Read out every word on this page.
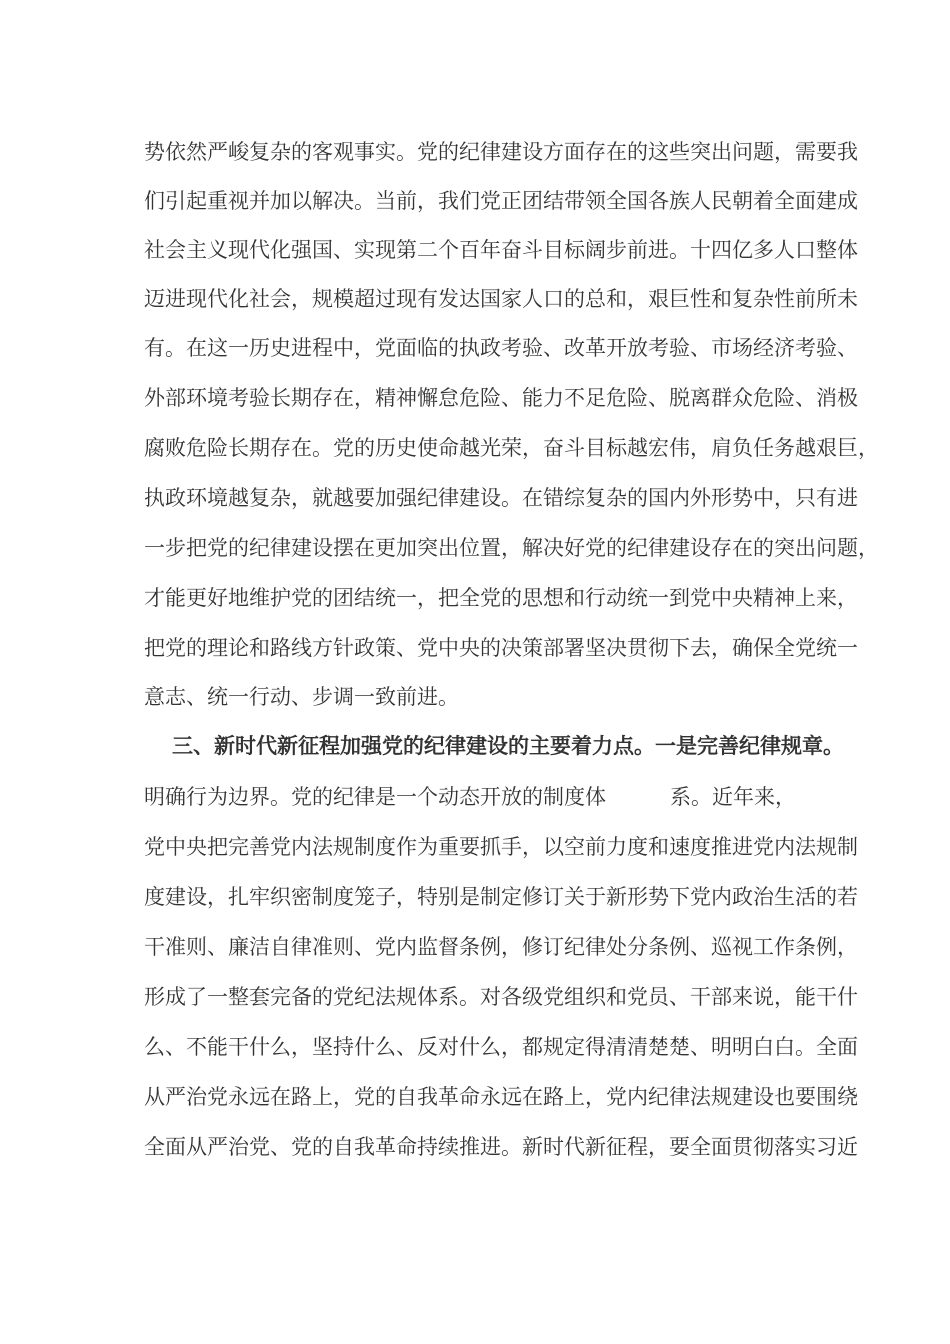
势依然严峻复杂的客观事实。党的纪律建设方面存在的这些突出问题，需要我
们引起重视并加以解决。当前，我们党正团结带领全国各族人民朝着全面建成
社会主义现代化强国、实现第二个百年奋斗目标阔步前进。十四亿多人口整体
迈进现代化社会，规模超过现有发达国家人口的总和，艰巨性和复杂性前所未
有。在这一历史进程中，党面临的执政考验、改革开放考验、市场经济考验、
外部环境考验长期存在，精神懈怠危险、能力不足危险、脱离群众危险、消极
腐败危险长期存在。党的历史使命越光荣，奋斗目标越宏伟，肩负任务越艰巨，
执政环境越复杂，就越要加强纪律建设。在错综复杂的国内外形势中，只有进
一步把党的纪律建设摆在更加突出位置，解决好党的纪律建设存在的突出问题，
才能更好地维护党的团结统一，把全党的思想和行动统一到党中央精神上来，
把党的理论和路线方针政策、党中央的决策部署坚决贯彻下去，确保全党统一
意志、统一行动、步调一致前进。
三、新时代新征程加强党的纪律建设的主要着力点。一是完善纪律规章。
明确行为边界。党的纪律是一个动态开放的制度体	系。近年来，
党中央把完善党内法规制度作为重要抓手，以空前力度和速度推进党内法规制
度建设，扎牢织密制度笼子，特别是制定修订关于新形势下党内政治生活的若
干准则、廉洁自律准则、党内监督条例，修订纪律处分条例、巡视工作条例，
形成了一整套完备的党纪法规体系。对各级党组织和党员、干部来说，能干什
么、不能干什么，坚持什么、反对什么，都规定得清清楚楚、明明白白。全面
从严治党永远在路上，党的自我革命永远在路上，党内纪律法规建设也要围绕
全面从严治党、党的自我革命持续推进。新时代新征程，要全面贯彻落实习近
